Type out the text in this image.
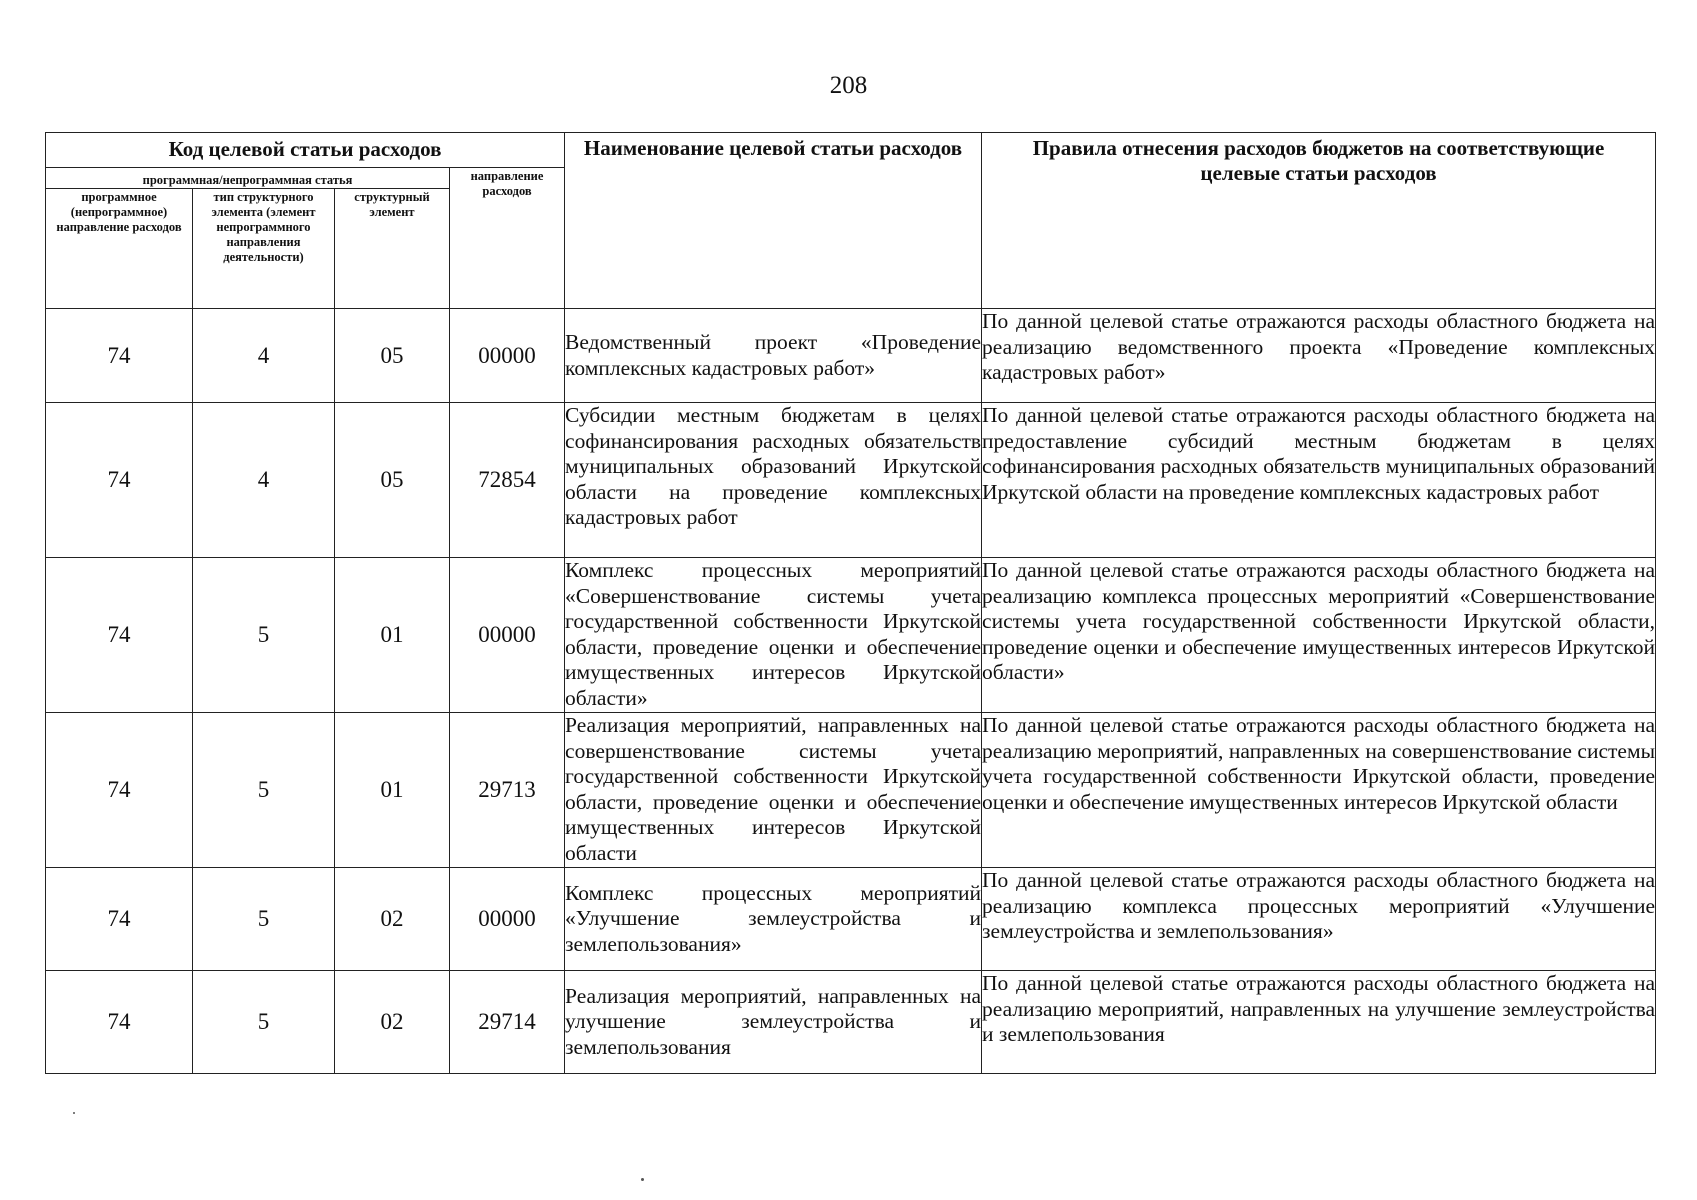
208
Код целевой статьи расходов				Наименование целевой статьи расходов	Правила отнесения расходов бюджетов на соответствующие целевые статьи расходов
программная/непрограммная статья			направление расходов		
программное (непрограммное) направление расходов	тип структурного элемента (элемент непрограммного направления деятельности)	структурный элемент			
74	4	05	00000	Ведомственный проект «Проведение комплексных кадастровых работ»	По данной целевой статье отражаются расходы областного бюджета на реализацию ведомственного проекта «Проведение комплексных кадастровых работ»
74	4	05	72854	Субсидии местным бюджетам в целях софинансирования расходных обязательств муниципальных образований Иркутской области на проведение комплексных кадастровых работ	По данной целевой статье отражаются расходы областного бюджета на предоставление субсидий местным бюджетам в целях софинансирования расходных обязательств муниципальных образований Иркутской области на проведение комплексных кадастровых работ
74	5	01	00000	Комплекс процессных мероприятий «Совершенствование системы учета государственной собственности Иркутской области, проведение оценки и обеспечение имущественных интересов Иркутской области»	По данной целевой статье отражаются расходы областного бюджета на реализацию комплекса процессных мероприятий «Совершенствование системы учета государственной собственности Иркутской области, проведение оценки и обеспечение имущественных интересов Иркутской области»
74	5	01	29713	Реализация мероприятий, направленных на совершенствование системы учета государственной собственности Иркутской области, проведение оценки и обеспечение имущественных интересов Иркутской области	По данной целевой статье отражаются расходы областного бюджета на реализацию мероприятий, направленных на совершенствование системы учета государственной собственности Иркутской области, проведение оценки и обеспечение имущественных интересов Иркутской области
74	5	02	00000	Комплекс процессных мероприятий «Улучшение землеустройства и землепользования»	По данной целевой статье отражаются расходы областного бюджета на реализацию комплекса процессных мероприятий «Улучшение землеустройства и землепользования»
74	5	02	29714	Реализация мероприятий, направленных на улучшение землеустройства и землепользования	По данной целевой статье отражаются расходы областного бюджета на реализацию мероприятий, направленных на улучшение землеустройства и землепользования
